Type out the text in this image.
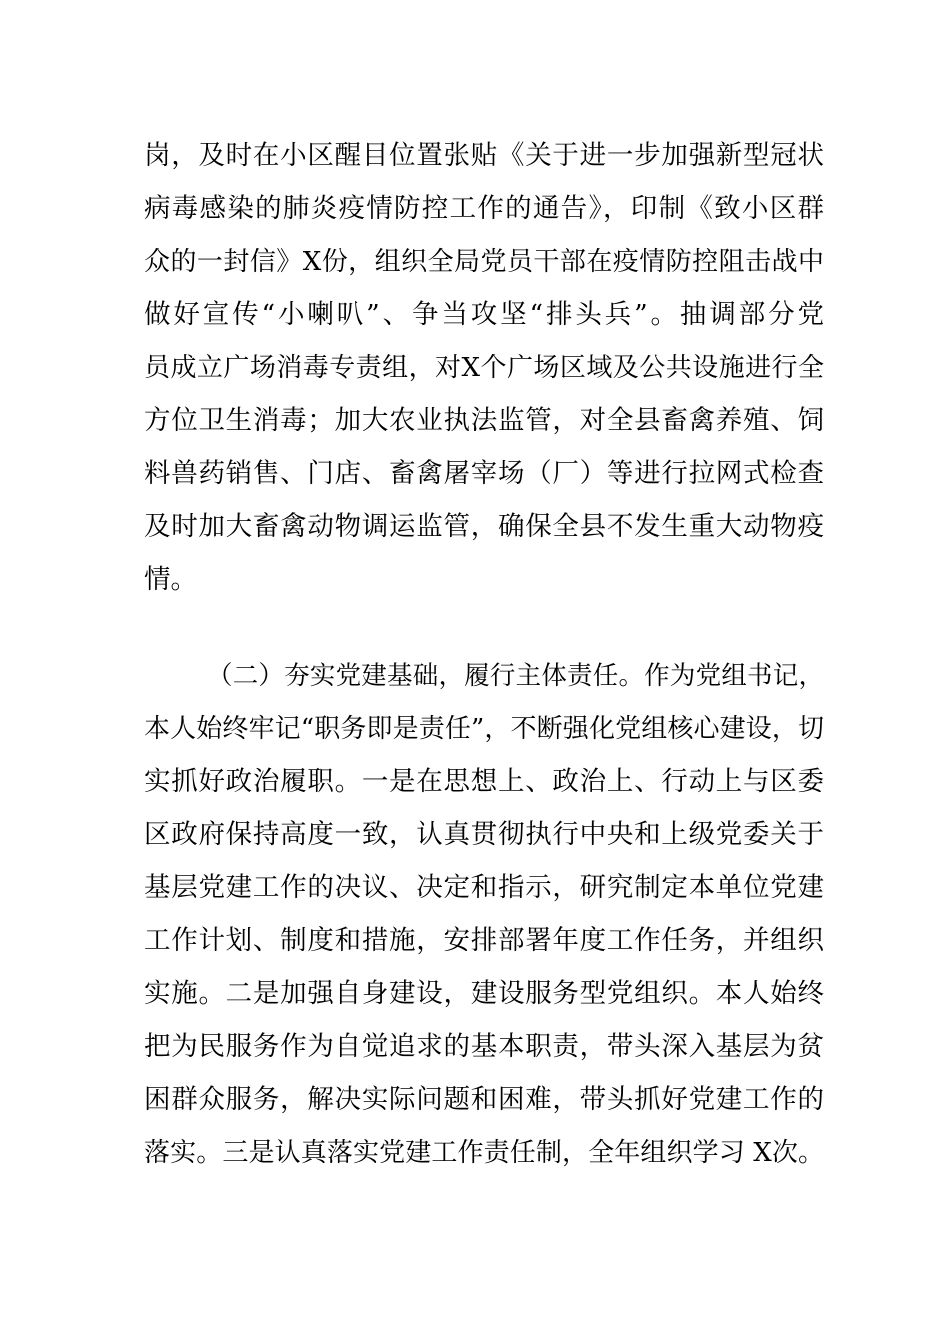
岗，及时在小区醒目位置张贴《关于进一步加强新型冠状
病毒感染的肺炎疫情防控工作的通告》，印制《致小区群
众的一封信》X份，组织全局党员干部在疫情防控阻击战中
做好宣传“小喇叭”、争当攻坚“排头兵”。抽调部分党
员成立广场消毒专责组，对X个广场区域及公共设施进行全
方位卫生消毒；加大农业执法监管，对全县畜禽养殖、饲
料兽药销售、门店、畜禽屠宰场（厂）等进行拉网式检查
及时加大畜禽动物调运监管，确保全县不发生重大动物疫
情。
（二）夯实党建基础，履行主体责任。作为党组书记，
本人始终牢记“职务即是责任”，不断强化党组核心建设，切
实抓好政治履职。一是在思想上、政治上、行动上与区委
区政府保持高度一致，认真贯彻执行中央和上级党委关于
基层党建工作的决议、决定和指示，研究制定本单位党建
工作计划、制度和措施，安排部署年度工作任务，并组织
实施。二是加强自身建设，建设服务型党组织。本人始终
把为民服务作为自觉追求的基本职责，带头深入基层为贫
困群众服务，解决实际问题和困难，带头抓好党建工作的
落实。三是认真落实党建工作责任制，全年组织学习 X次。
